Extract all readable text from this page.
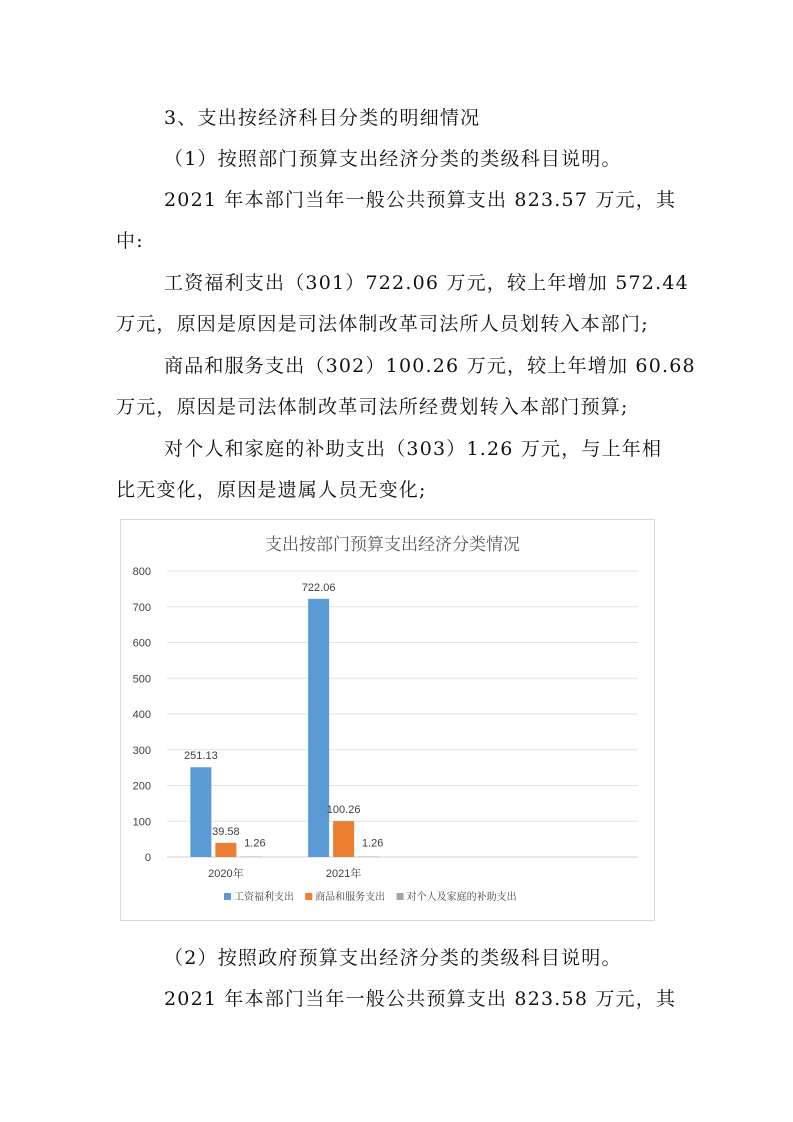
3、支出按经济科目分类的明细情况
（1）按照部门预算支出经济分类的类级科目说明。
2021 年本部门当年一般公共预算支出 823.57 万元，其
中:
工资福利支出（301）722.06 万元，较上年增加 572.44
万元，原因是原因是司法体制改革司法所人员划转入本部门;
商品和服务支出（302）100.26 万元，较上年增加 60.68
万元，原因是司法体制改革司法所经费划转入本部门预算;
对个人和家庭的补助支出（303）1.26 万元，与上年相
比无变化，原因是遗属人员无变化;
支出按部门预算支出经济分类情况
0
100
200
300
400
500
600
700
800
251.13
39.58
1.26
2020年
722.06
100.26
1.26
2021年
工资福利支出 商品和服务支出 对个人及家庭的补助支出
（2）按照政府预算支出经济分类的类级科目说明。
2021 年本部门当年一般公共预算支出 823.58 万元，其
